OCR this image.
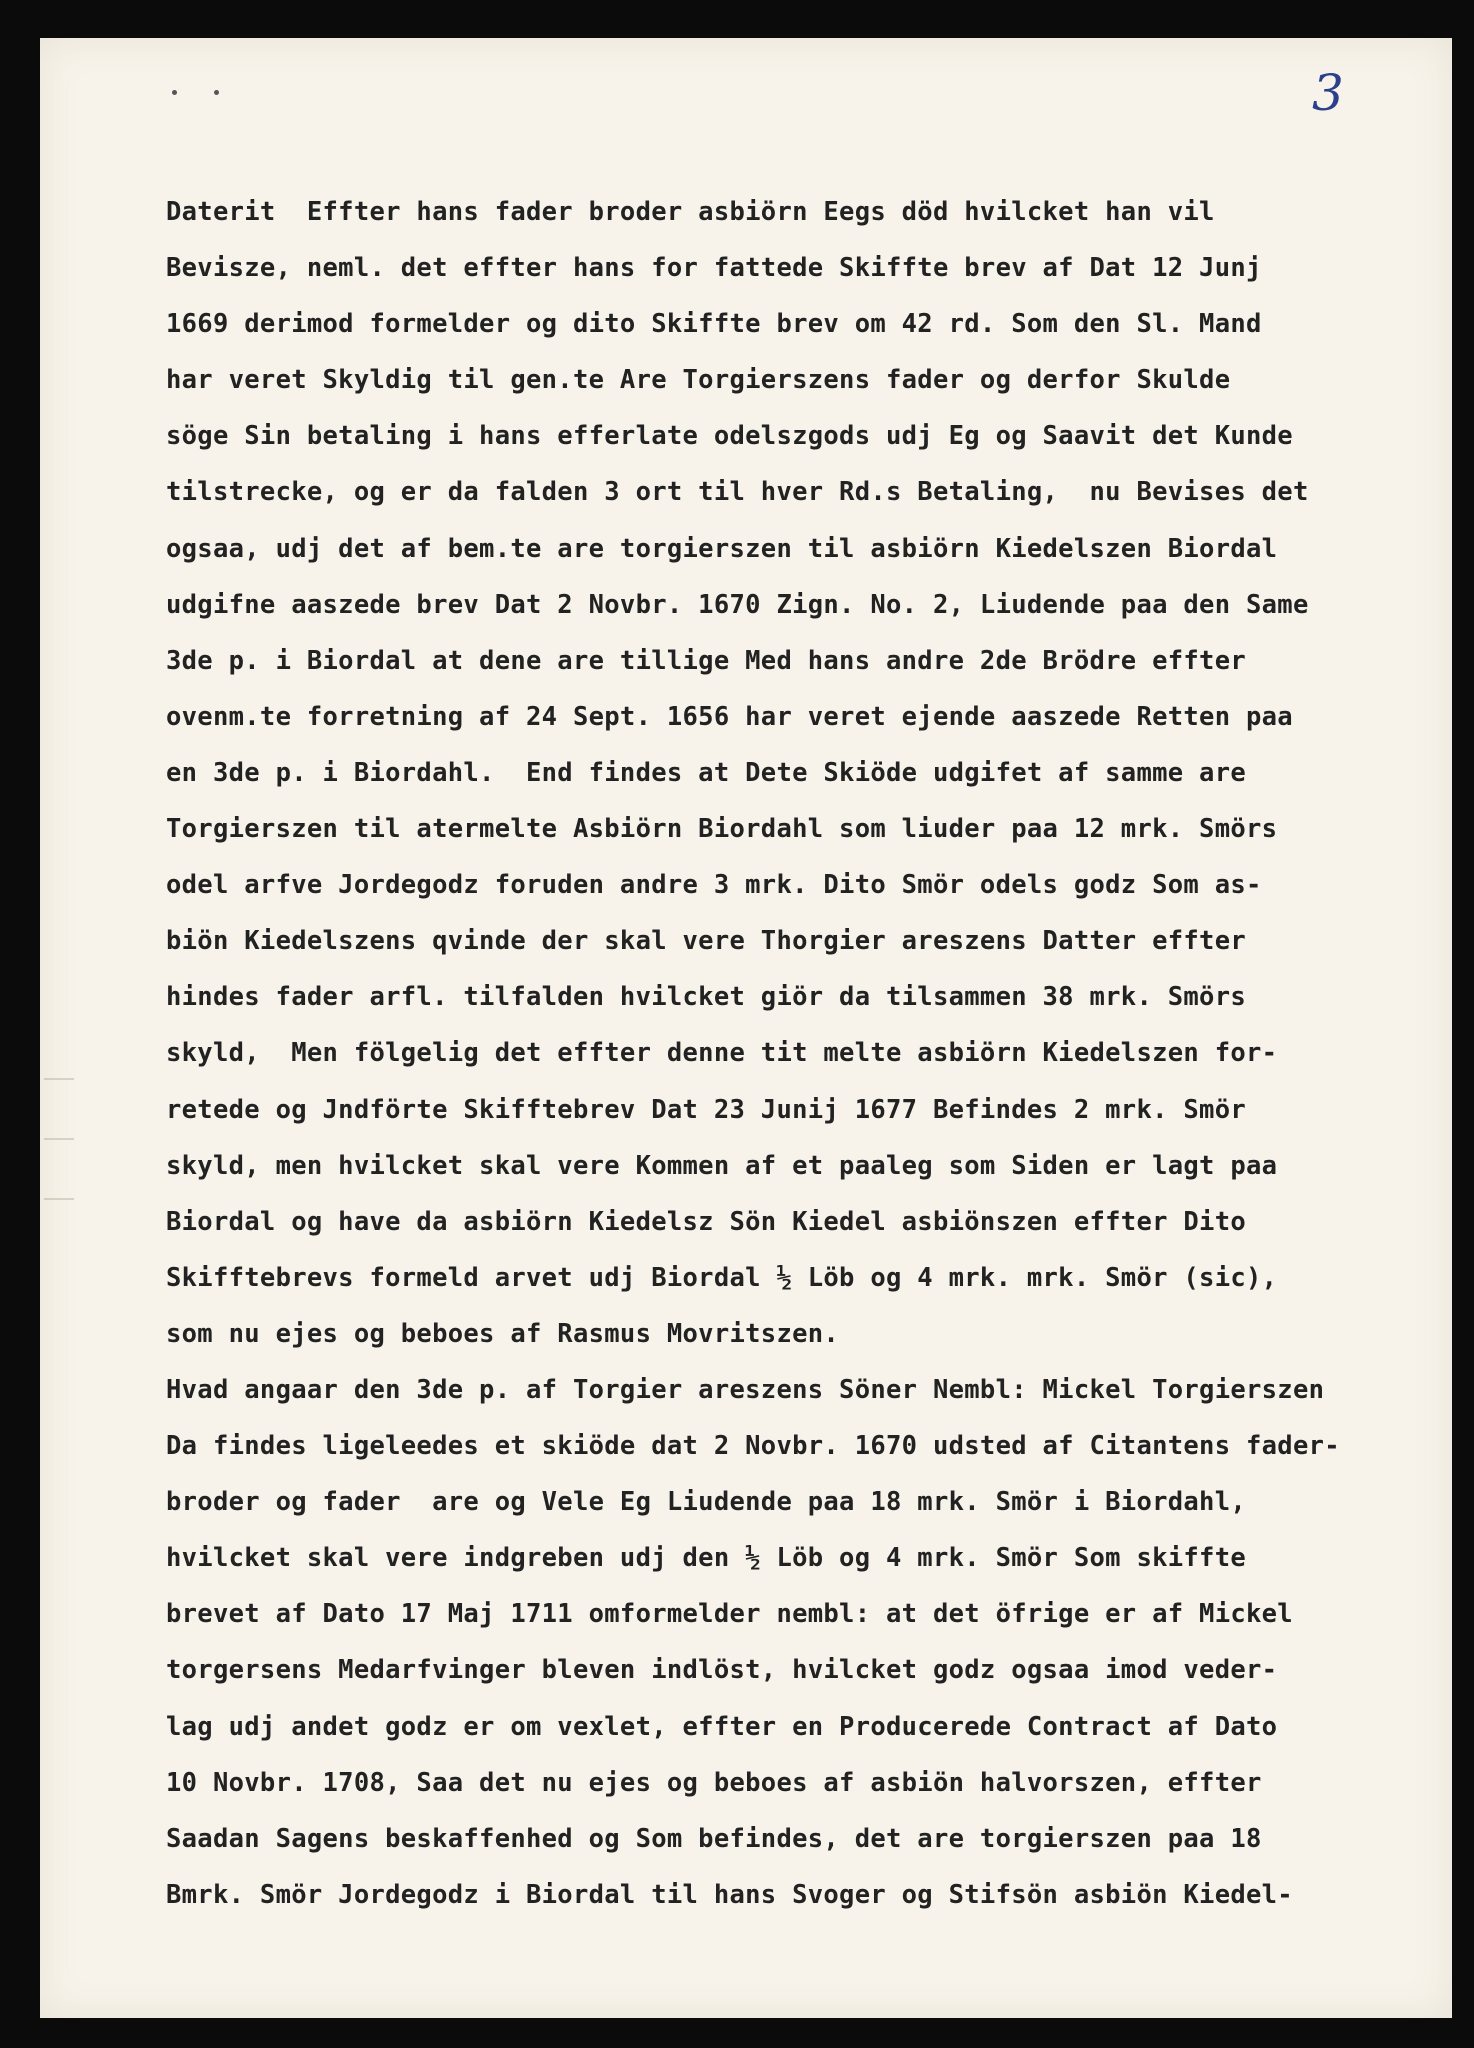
3
Daterit  Effter hans fader broder asbiörn Eegs död hvilcket han vil
Bevisze, neml. det effter hans for fattede Skiffte brev af Dat 12 Junj
1669 derimod formelder og dito Skiffte brev om 42 rd. Som den Sl. Mand
har veret Skyldig til gen.te Are Torgierszens fader og derfor Skulde
söge Sin betaling i hans efferlate odelszgods udj Eg og Saavit det Kunde
tilstrecke, og er da falden 3 ort til hver Rd.s Betaling,  nu Bevises det
ogsaa, udj det af bem.te are torgierszen til asbiörn Kiedelszen Biordal
udgifne aaszede brev Dat 2 Novbr. 1670 Zign. No. 2, Liudende paa den Same
3de p. i Biordal at dene are tillige Med hans andre 2de Brödre effter
ovenm.te forretning af 24 Sept. 1656 har veret ejende aaszede Retten paa
en 3de p. i Biordahl.  End findes at Dete Skiöde udgifet af samme are
Torgierszen til atermelte Asbiörn Biordahl som liuder paa 12 mrk. Smörs
odel arfve Jordegodz foruden andre 3 mrk. Dito Smör odels godz Som as-
biön Kiedelszens qvinde der skal vere Thorgier areszens Datter effter
hindes fader arfl. tilfalden hvilcket giör da tilsammen 38 mrk. Smörs
skyld,  Men fölgelig det effter denne tit melte asbiörn Kiedelszen for-
retede og Jndförte Skifftebrev Dat 23 Junij 1677 Befindes 2 mrk. Smör
skyld, men hvilcket skal vere Kommen af et paaleg som Siden er lagt paa
Biordal og have da asbiörn Kiedelsz Sön Kiedel asbiönszen effter Dito
Skifftebrevs formeld arvet udj Biordal ½ Löb og 4 mrk. mrk. Smör (sic),
som nu ejes og beboes af Rasmus Movritszen.
Hvad angaar den 3de p. af Torgier areszens Söner Nembl: Mickel Torgierszen
Da findes ligeleedes et skiöde dat 2 Novbr. 1670 udsted af Citantens fader-
broder og fader  are og Vele Eg Liudende paa 18 mrk. Smör i Biordahl,
hvilcket skal vere indgreben udj den ½ Löb og 4 mrk. Smör Som skiffte
brevet af Dato 17 Maj 1711 omformelder nembl: at det öfrige er af Mickel
torgersens Medarfvinger bleven indlöst, hvilcket godz ogsaa imod veder-
lag udj andet godz er om vexlet, effter en Producerede Contract af Dato
10 Novbr. 1708, Saa det nu ejes og beboes af asbiön halvorszen, effter
Saadan Sagens beskaffenhed og Som befindes, det are torgierszen paa 18
Bmrk. Smör Jordegodz i Biordal til hans Svoger og Stifsön asbiön Kiedel-
